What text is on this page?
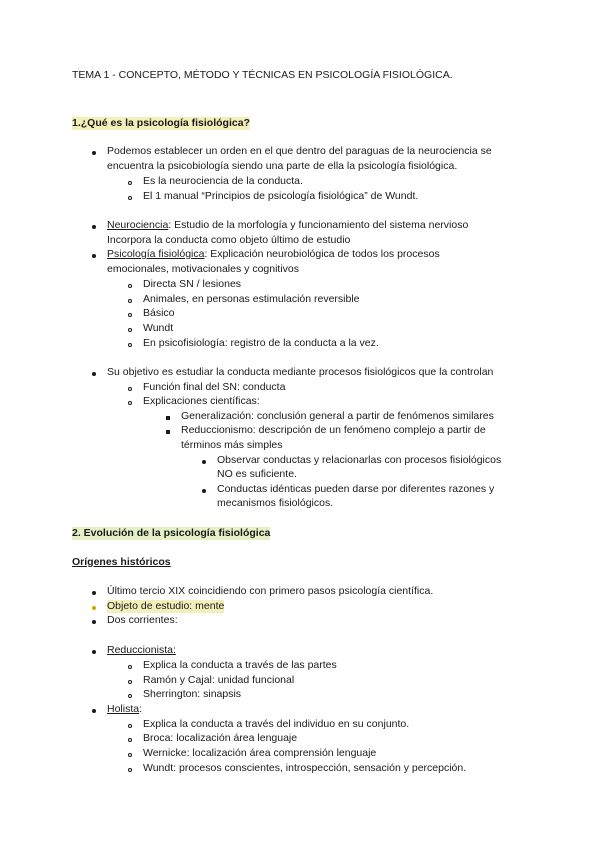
TEMA 1 - CONCEPTO, MÉTODO Y TÉCNICAS EN PSICOLOGÍA FISIOLÓGICA.
1.¿Qué es la psicología fisiológica?
Podemos establecer un orden en el que dentro del paraguas de la neurociencia se
encuentra la psicobiología siendo una parte de ella la psicología fisiológica.
Es la neurociencia de la conducta.
El 1 manual “Principios de psicología fisiológica” de Wundt.
Neurociencia: Estudio de la morfología y funcionamiento del sistema nervioso
Incorpora la conducta como objeto último de estudio
Psicología fisiológica: Explicación neurobiológica de todos los procesos
emocionales, motivacionales y cognitivos
Directa SN / lesiones
Animales, en personas estimulación reversible
Básico
Wundt
En psicofisiología: registro de la conducta a la vez.
Su objetivo es estudiar la conducta mediante procesos fisiológicos que la controlan
Función final del SN: conducta
Explicaciones científicas:
Generalización: conclusión general a partir de fenómenos similares
Reduccionismo: descripción de un fenómeno complejo a partir de
términos más simples
Observar conductas y relacionarlas con procesos fisiológicos
NO es suficiente.
Conductas idénticas pueden darse por diferentes razones y
mecanismos fisiológicos.
2. Evolución de la psicología fisiológica
Orígenes históricos
Último tercio XIX coincidiendo con primero pasos psicología científica.
Objeto de estudio: mente
Dos corrientes:
Reduccionista:
Explica la conducta a través de las partes
Ramón y Cajal: unidad funcional
Sherrington: sinapsis
Holista:
Explica la conducta a través del individuo en su conjunto.
Broca: localización área lenguaje
Wernicke: localización área comprensión lenguaje
Wundt: procesos conscientes, introspección, sensación y percepción.
